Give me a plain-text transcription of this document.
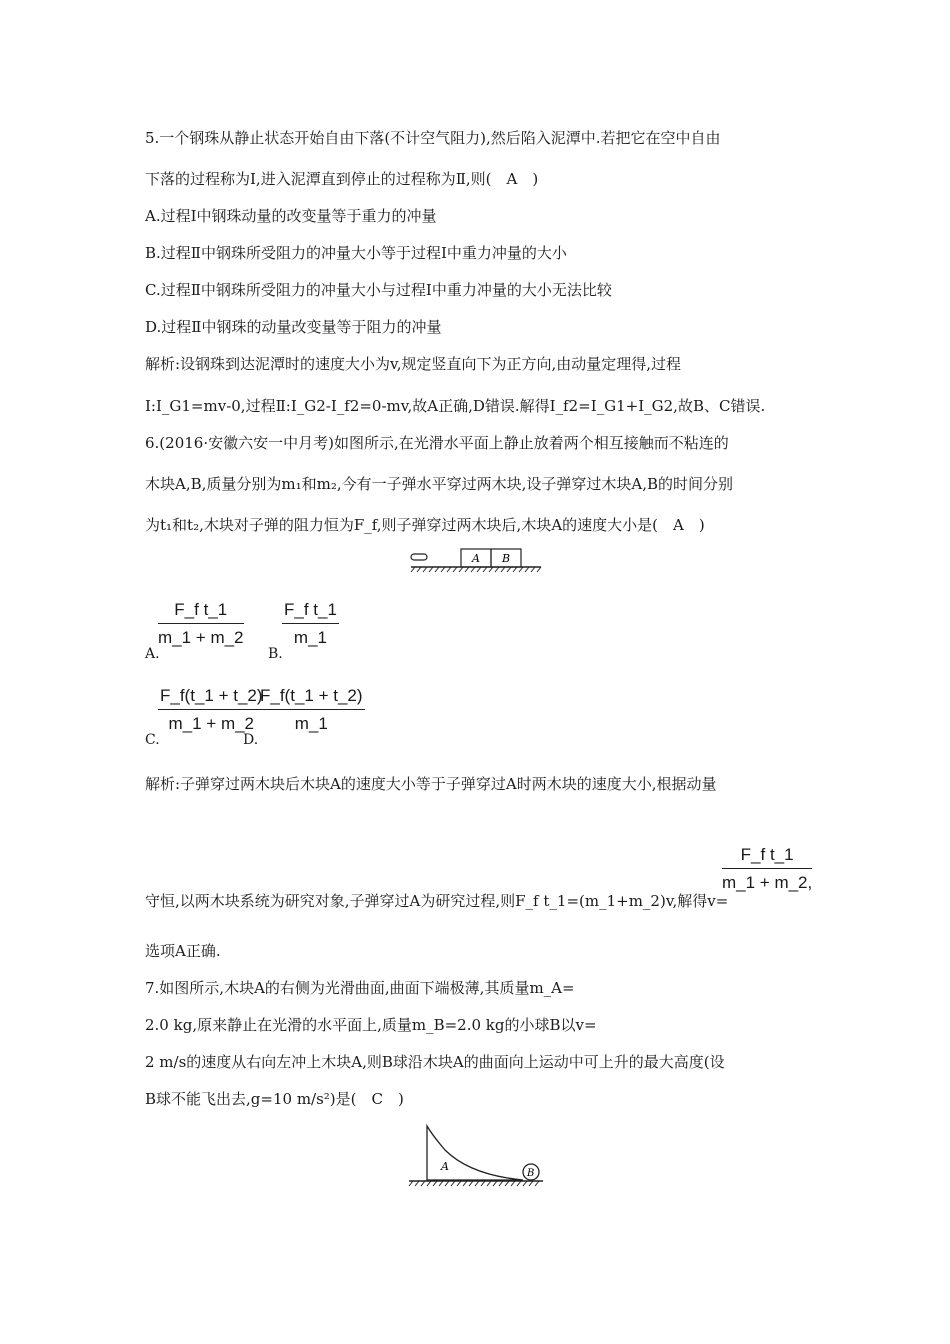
5.一个钢珠从静止状态开始自由下落(不计空气阻力),然后陷入泥潭中.若把它在空中自由
下落的过程称为Ⅰ,进入泥潭直到停止的过程称为Ⅱ,则(　A　)
A.过程Ⅰ中钢珠动量的改变量等于重力的冲量
B.过程Ⅱ中钢珠所受阻力的冲量大小等于过程Ⅰ中重力冲量的大小
C.过程Ⅱ中钢珠所受阻力的冲量大小与过程Ⅰ中重力冲量的大小无法比较
D.过程Ⅱ中钢珠的动量改变量等于阻力的冲量
解析:设钢珠到达泥潭时的速度大小为v,规定竖直向下为正方向,由动量定理得,过程
Ⅰ:I_G1=mv-0,过程Ⅱ:I_G2-I_f2=0-mv,故A正确,D错误.解得I_f2=I_G1+I_G2,故B、C错误.
6.(2016·安徽六安一中月考)如图所示,在光滑水平面上静止放着两个相互接触而不粘连的
木块A,B,质量分别为m₁和m₂,今有一子弹水平穿过两木块,设子弹穿过木块A,B的时间分别
为t₁和t₂,木块对子弹的阻力恒为F_f,则子弹穿过两木块后,木块A的速度大小是(　A　)
A B
A.
$\frac{\text{F\_f t\_1}}{m\_1 + m\_2}$
B.
$\frac{\text{F\_f t\_1}}{m\_1}$
C.
$\frac{F\_f(t\_1 + t\_2)}{m\_1 + m\_2}$
D.
$\frac{F\_f(t\_1 + t\_2)}{m\_1}$
解析:子弹穿过两木块后木块A的速度大小等于子弹穿过A时两木块的速度大小,根据动量
$\frac{\text{F\_f t\_1}}{m\_1 + m\_2,}$
守恒,以两木块系统为研究对象,子弹穿过A为研究过程,则F_f t_1=(m_1+m_2)v,解得v=
选项A正确.
7.如图所示,木块A的右侧为光滑曲面,曲面下端极薄,其质量m_A=
2.0 kg,原来静止在光滑的水平面上,质量m_B=2.0 kg的小球B以v=
2 m/s的速度从右向左冲上木块A,则B球沿木块A的曲面向上运动中可上升的最大高度(设
B球不能飞出去,g=10 m/s²)是(　C　)
A
B
